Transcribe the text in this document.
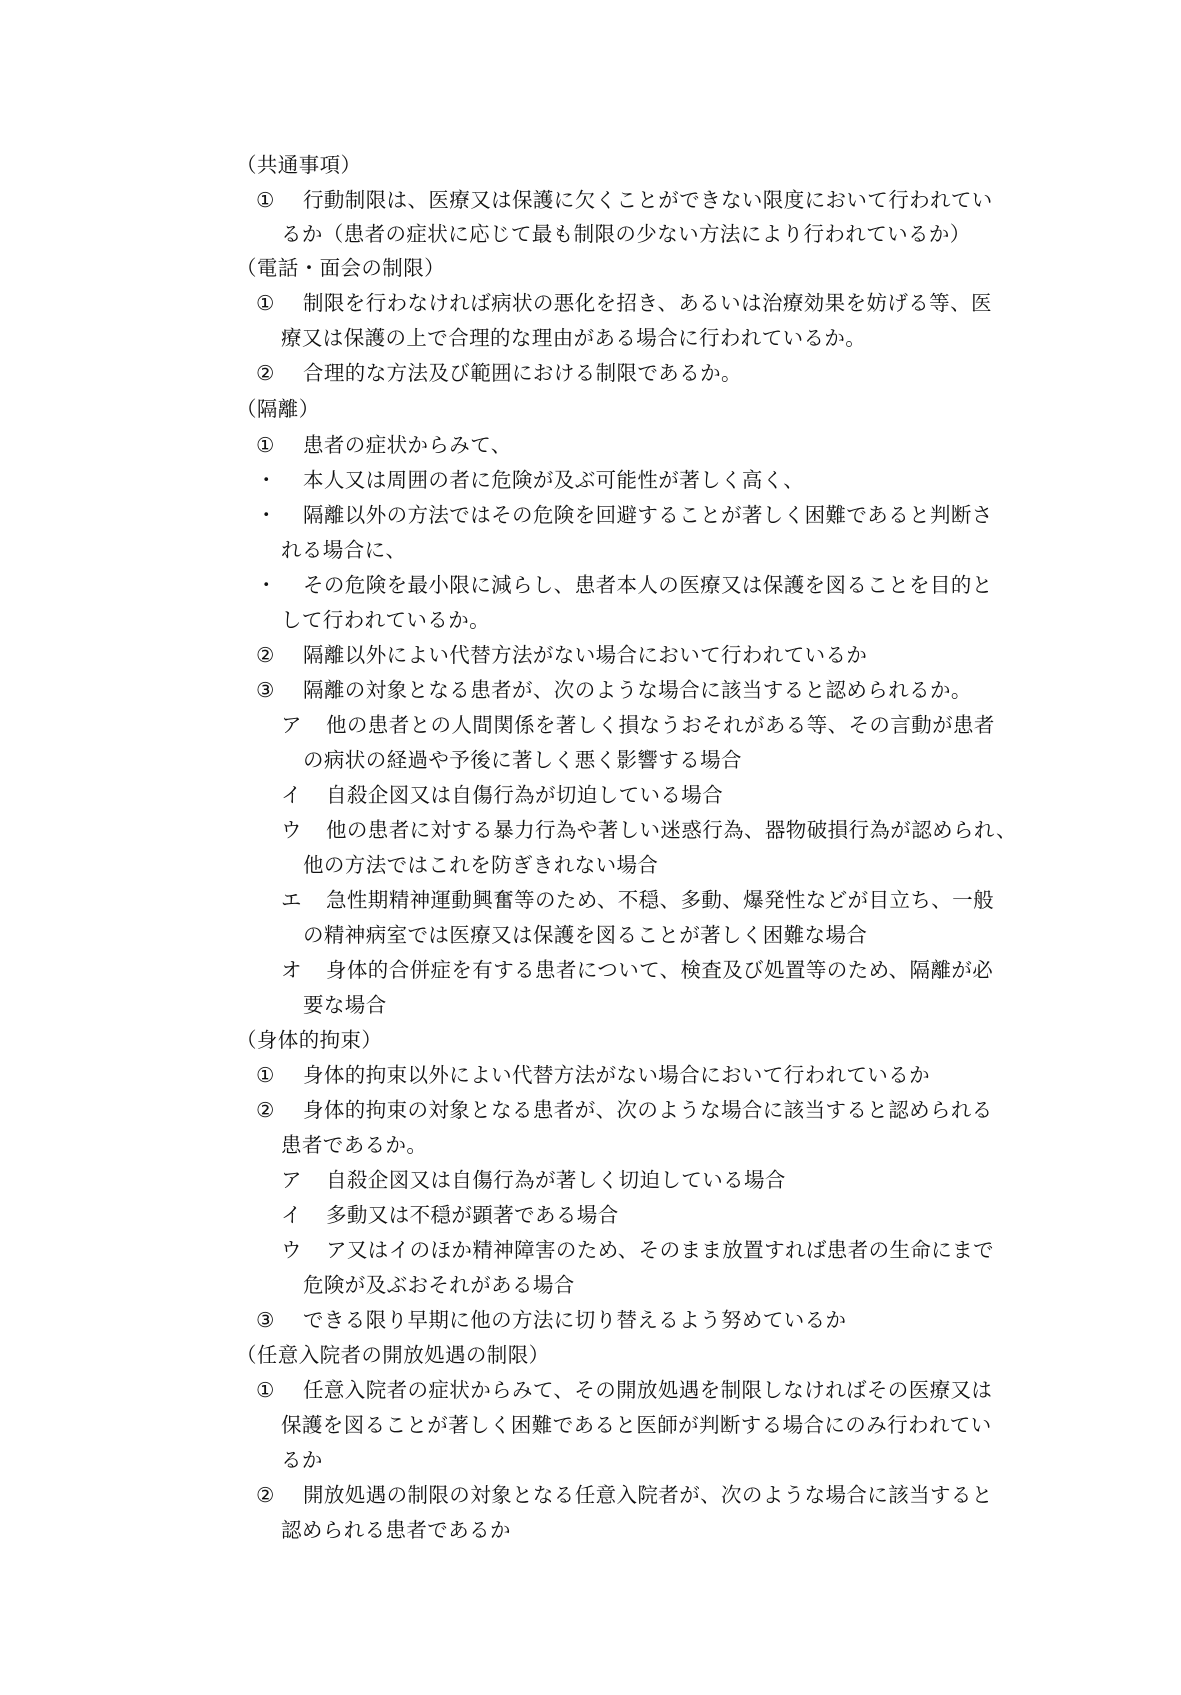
（共通事項）
① 行動制限は、医療又は保護に欠くことができない限度において行われてい
るか（患者の症状に応じて最も制限の少ない方法により行われているか）
（電話・面会の制限）
① 制限を行わなければ病状の悪化を招き、あるいは治療効果を妨げる等、医
療又は保護の上で合理的な理由がある場合に行われているか。
② 合理的な方法及び範囲における制限であるか。
（隔離）
① 患者の症状からみて、
・ 本人又は周囲の者に危険が及ぶ可能性が著しく高く、
・ 隔離以外の方法ではその危険を回避することが著しく困難であると判断さ
れる場合に、
・ その危険を最小限に減らし、患者本人の医療又は保護を図ることを目的と
して行われているか。
② 隔離以外によい代替方法がない場合において行われているか
③ 隔離の対象となる患者が、次のような場合に該当すると認められるか。
ア 他の患者との人間関係を著しく損なうおそれがある等、その言動が患者
の病状の経過や予後に著しく悪く影響する場合
イ 自殺企図又は自傷行為が切迫している場合
ウ 他の患者に対する暴力行為や著しい迷惑行為、器物破損行為が認められ、
他の方法ではこれを防ぎきれない場合
エ 急性期精神運動興奮等のため、不穏、多動、爆発性などが目立ち、一般
の精神病室では医療又は保護を図ることが著しく困難な場合
オ 身体的合併症を有する患者について、検査及び処置等のため、隔離が必
要な場合
（身体的拘束）
① 身体的拘束以外によい代替方法がない場合において行われているか
② 身体的拘束の対象となる患者が、次のような場合に該当すると認められる
患者であるか。
ア 自殺企図又は自傷行為が著しく切迫している場合
イ 多動又は不穏が顕著である場合
ウ ア又はイのほか精神障害のため、そのまま放置すれば患者の生命にまで
危険が及ぶおそれがある場合
③ できる限り早期に他の方法に切り替えるよう努めているか
（任意入院者の開放処遇の制限）
① 任意入院者の症状からみて、その開放処遇を制限しなければその医療又は
保護を図ることが著しく困難であると医師が判断する場合にのみ行われてい
るか
② 開放処遇の制限の対象となる任意入院者が、次のような場合に該当すると
認められる患者であるか
